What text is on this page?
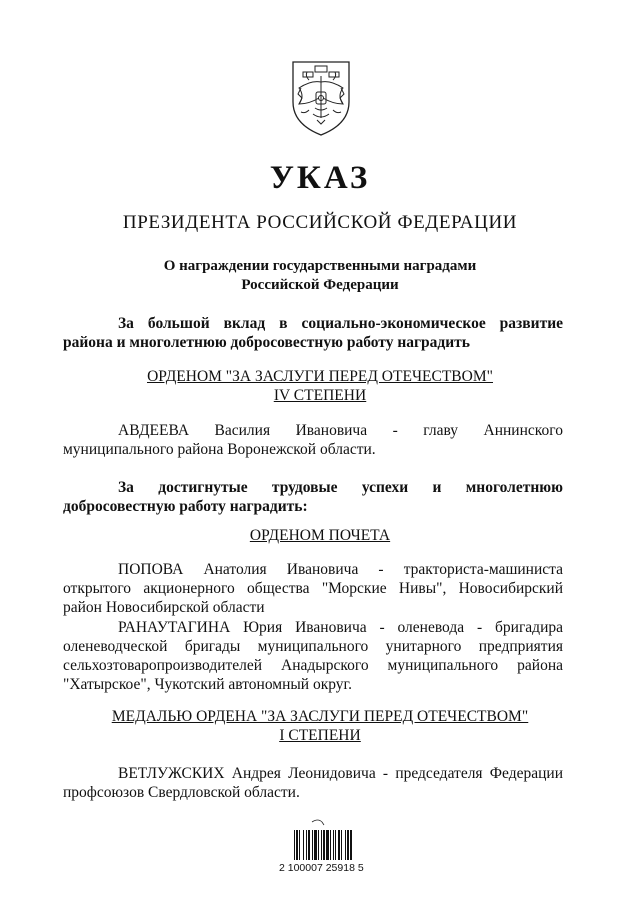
УКАЗ
ПРЕЗИДЕНТА РОССИЙСКОЙ ФЕДЕРАЦИИ
О награждении государственными наградами
Российской Федерации
За большой вклад в социально-экономическое развитие
района и многолетнюю добросовестную работу наградить
ОРДЕНОМ "ЗА ЗАСЛУГИ ПЕРЕД ОТЕЧЕСТВОМ"
IV СТЕПЕНИ
АВДЕЕВА Василия Ивановича - главу Аннинского
муниципального района Воронежской области.
За достигнутые трудовые успехи и многолетнюю
добросовестную работу наградить:
ОРДЕНОМ ПОЧЕТА
ПОПОВА Анатолия Ивановича - тракториста-машиниста
открытого акционерного общества "Морские Нивы", Новосибирский
район Новосибирской области
РАНАУТАГИНА Юрия Ивановича - оленевода - бригадира
оленеводческой бригады муниципального унитарного предприятия
сельхозтоваропроизводителей Анадырского муниципального района
"Хатырское", Чукотский автономный округ.
МЕДАЛЬЮ ОРДЕНА "ЗА ЗАСЛУГИ ПЕРЕД ОТЕЧЕСТВОМ"
I СТЕПЕНИ
ВЕТЛУЖСКИХ Андрея Леонидовича - председателя Федерации
профсоюзов Свердловской области.
2 100007 25918 5
